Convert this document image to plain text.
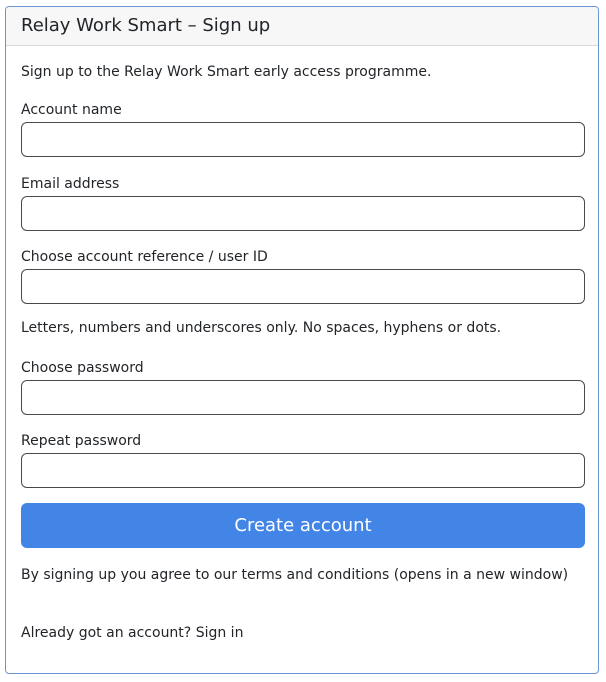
Relay Work Smart – Sign up
Sign up to the Relay Work Smart early access programme.
Account name
Email address
Choose account reference / user ID
Letters, numbers and underscores only. No spaces, hyphens or dots.
Choose password
Repeat password
Create account
By signing up you agree to our terms and conditions (opens in a new window)
Already got an account? Sign in
